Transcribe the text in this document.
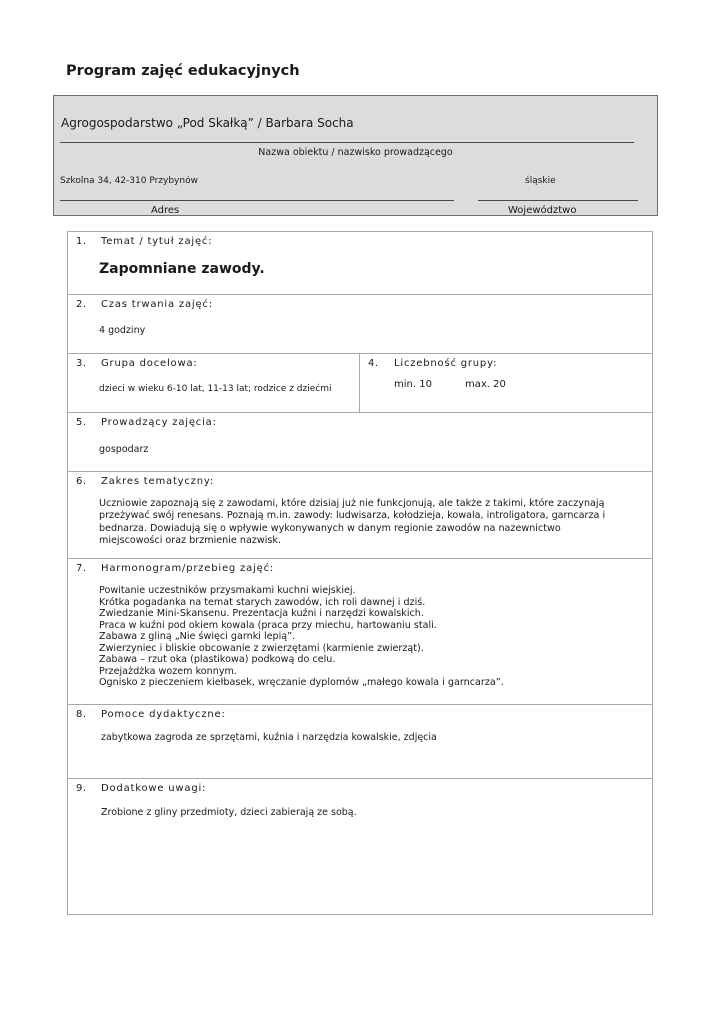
Program zajęć edukacyjnych
Agrogospodarstwo „Pod Skałką” / Barbara Socha
Nazwa obiektu / nazwisko prowadzącego
Szkolna 34, 42-310 Przybynów	śląskie
Adres	Województwo
1. Temat / tytuł zajęć:
Zapomniane zawody.
2. Czas trwania zajęć:
4 godziny
3. Grupa docelowa:
dzieci w wieku 6-10 lat, 11-13 lat; rodzice z dziećmi
4. Liczebność grupy:
min. 10	max. 20
5. Prowadzący zajęcia:
gospodarz
6. Zakres tematyczny:
Uczniowie zapoznają się z zawodami, które dzisiaj już nie funkcjonują, ale także z takimi, które zaczynają
przeżywać swój renesans. Poznają m.in. zawody: ludwisarza, kołodzieja, kowala, introligatora, garncarza i
bednarza. Dowiadują się o wpływie wykonywanych w danym regionie zawodów na nazewnictwo
miejscowości oraz brzmienie nazwisk.
7. Harmonogram/przebieg zajęć:
Powitanie uczestników przysmakami kuchni wiejskiej.
Krótka pogadanka na temat starych zawodów, ich roli dawnej i dziś.
Zwiedzanie Mini-Skansenu. Prezentacja kuźni i narzędzi kowalskich.
Praca w kuźni pod okiem kowala (praca przy miechu, hartowaniu stali.
Zabawa z gliną „Nie święci garnki lepią”.
Zwierzyniec i bliskie obcowanie z zwierzętami (karmienie zwierząt).
Zabawa – rzut oka (plastikowa) podkową do celu.
Przejażdżka wozem konnym.
Ognisko z pieczeniem kiełbasek, wręczanie dyplomów „małego kowala i garncarza”.
8. Pomoce dydaktyczne:
zabytkowa zagroda ze sprzętami, kuźnia i narzędzia kowalskie, zdjęcia
9. Dodatkowe uwagi:
Zrobione z gliny przedmioty, dzieci zabierają ze sobą.
